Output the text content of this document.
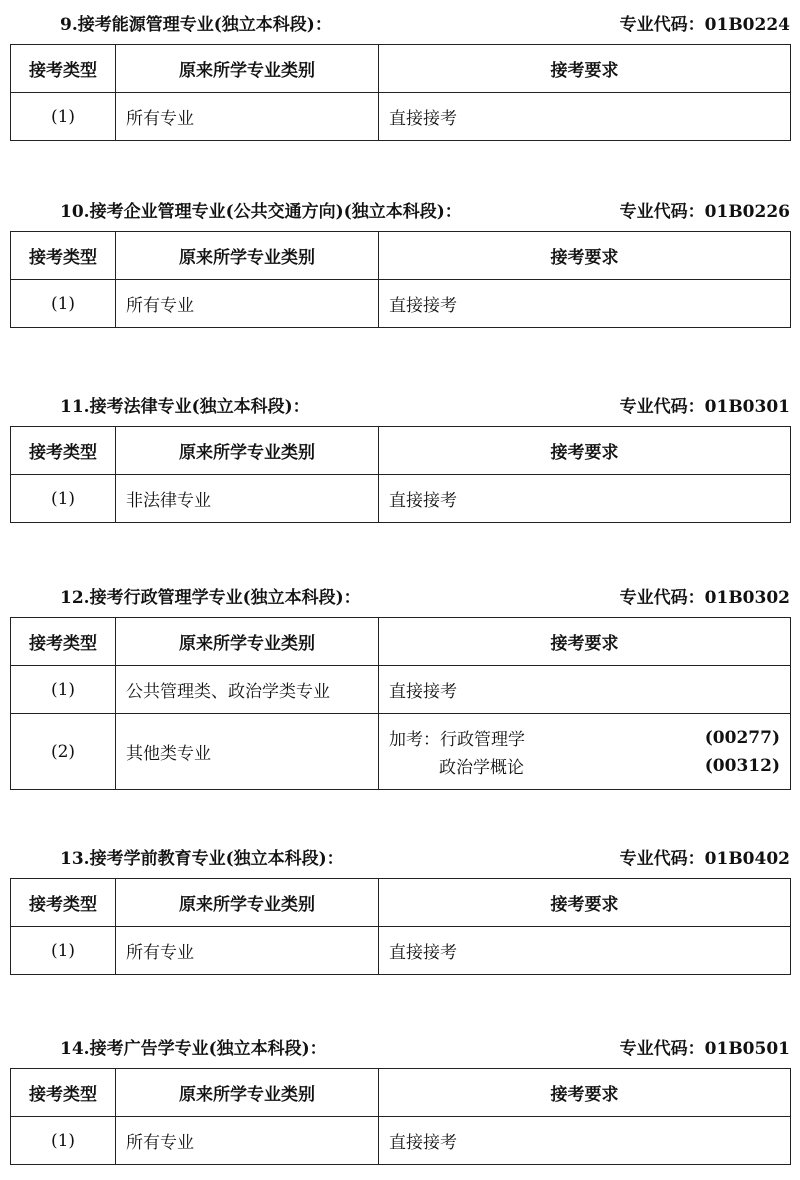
9.接考能源管理专业(独立本科段)：	专业代码：01B0224
接考类型	原来所学专业类别	接考要求
(1)	所有专业	直接接考
10.接考企业管理专业(公共交通方向)(独立本科段)：	专业代码：01B0226
接考类型	原来所学专业类别	接考要求
(1)	所有专业	直接接考
11.接考法律专业(独立本科段)：	专业代码：01B0301
接考类型	原来所学专业类别	接考要求
(1)	非法律专业	直接接考
12.接考行政管理学专业(独立本科段)：	专业代码：01B0302
接考类型	原来所学专业类别	接考要求
(1)	公共管理类、政治学类专业	直接接考
(2)	其他类专业	加考：行政管理学 (00277)
政治学概论 (00312)
13.接考学前教育专业(独立本科段)：	专业代码：01B0402
接考类型	原来所学专业类别	接考要求
(1)	所有专业	直接接考
14.接考广告学专业(独立本科段)：	专业代码：01B0501
接考类型	原来所学专业类别	接考要求
(1)	所有专业	直接接考
